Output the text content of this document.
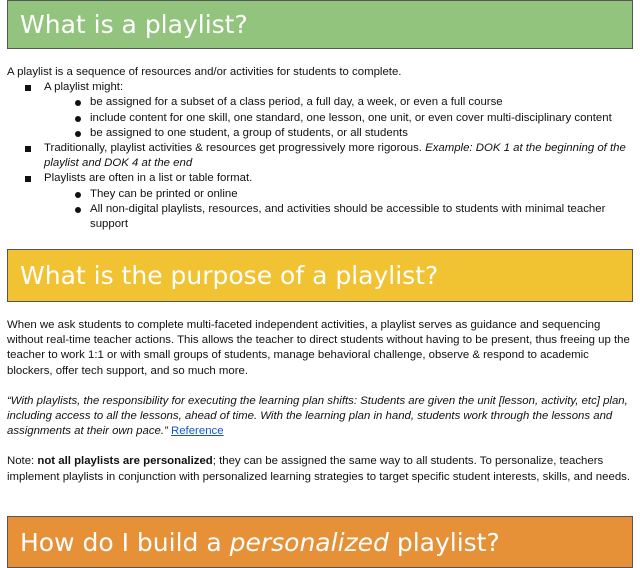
What is a playlist?

A playlist is a sequence of resources and/or activities for students to complete.

A playlist might:
be assigned for a subset of a class period, a full day, a week, or even a full course
include content for one skill, one standard, one lesson, one unit, or even cover multi-disciplinary content
be assigned to one student, a group of students, or all students
Traditionally, playlist activities & resources get progressively more rigorous. Example: DOK 1 at the beginning of the playlist and DOK 4 at the end
Playlists are often in a list or table format.
They can be printed or online
All non-digital playlists, resources, and activities should be accessible to students with minimal teacher support
What is the purpose of a playlist?

When we ask students to complete multi-faceted independent activities, a playlist serves as guidance and sequencing without real-time teacher actions. This allows the teacher to direct students without having to be present, thus freeing up the teacher to work 1:1 or with small groups of students, manage behavioral challenge, observe & respond to academic blockers, offer tech support, and so much more.

“With playlists, the responsibility for executing the learning plan shifts: Students are given the unit [lesson, activity, etc] plan, including access to all the lessons, ahead of time. With the learning plan in hand, students work through the lessons and assignments at their own pace.” Reference

Note: not all playlists are personalized; they can be assigned the same way to all students. To personalize, teachers implement playlists in conjunction with personalized learning strategies to target specific student interests, skills, and needs.

How do I build a personalized playlist?
